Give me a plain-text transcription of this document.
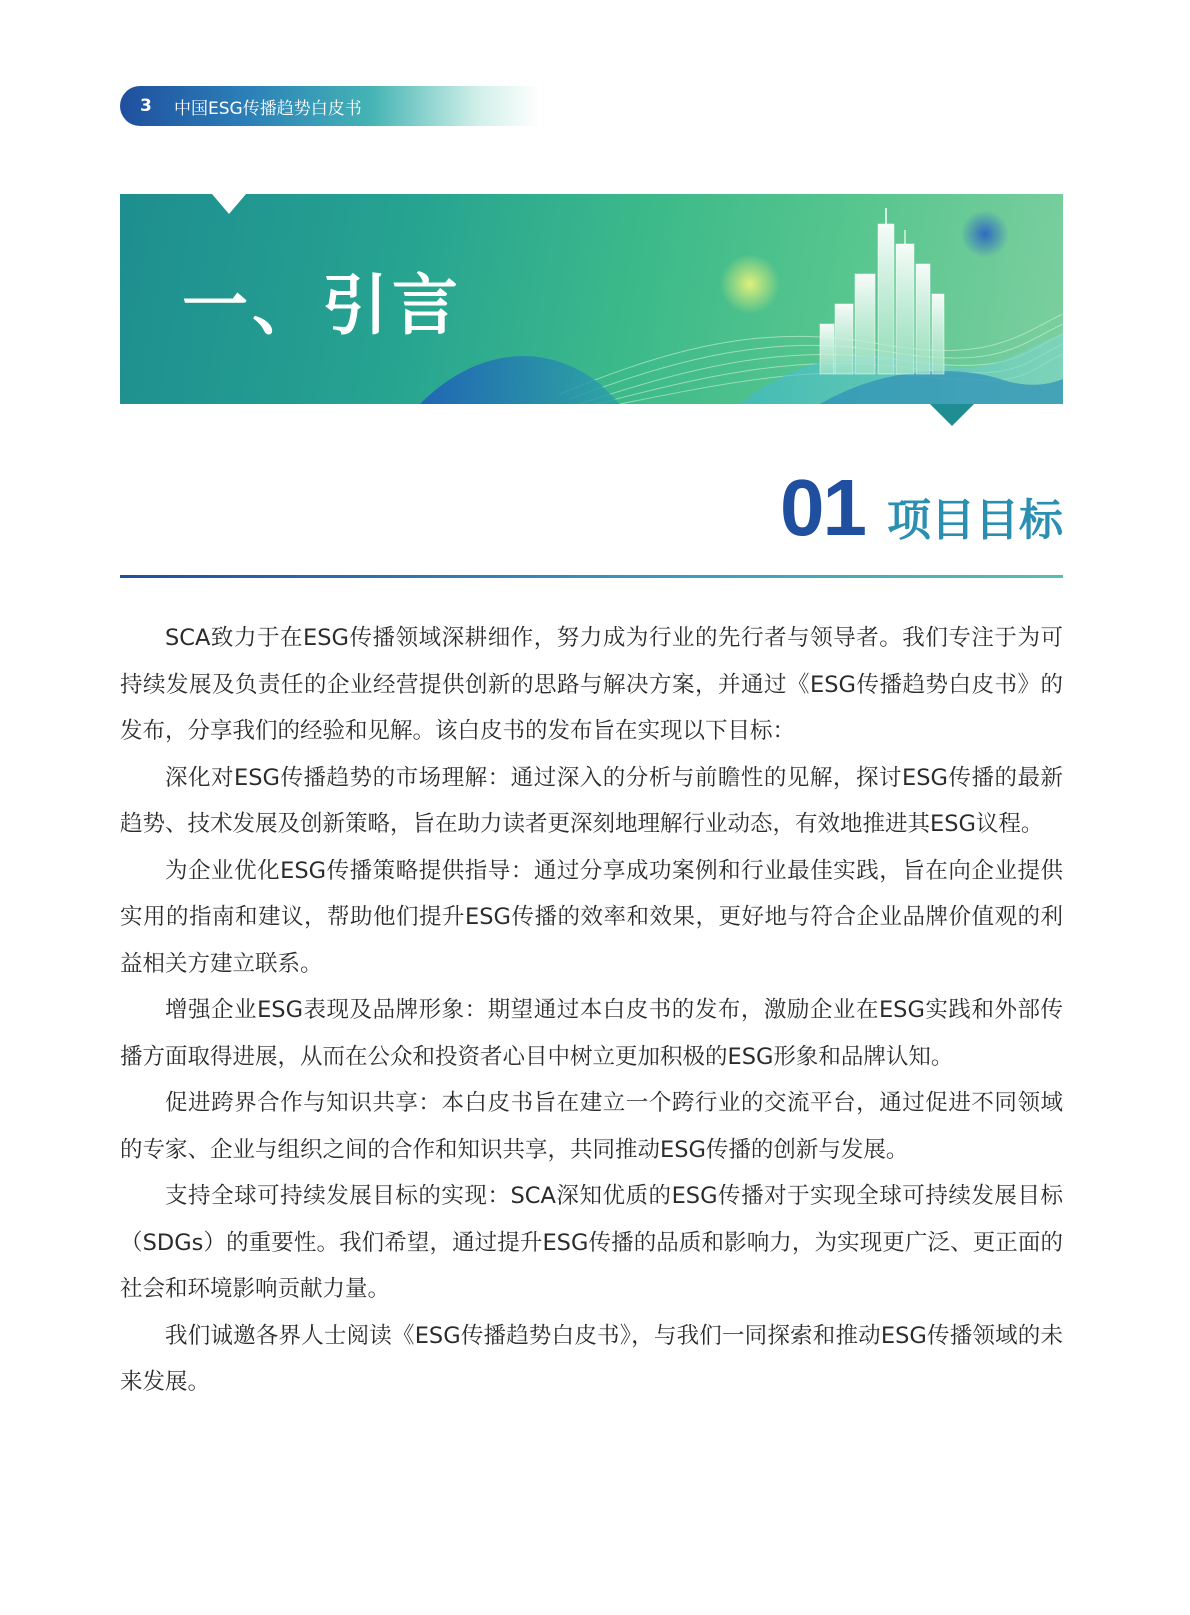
3	中国ESG传播趋势白皮书
一、引言
01 项目目标

SCA致力于在ESG传播领域深耕细作，努力成为行业的先行者与领导者。我们专注于为可持续发展及负责任的企业经营提供创新的思路与解决方案，并通过《ESG传播趋势白皮书》的发布，分享我们的经验和见解。该白皮书的发布旨在实现以下目标：

深化对ESG传播趋势的市场理解：通过深入的分析与前瞻性的见解，探讨ESG传播的最新趋势、技术发展及创新策略，旨在助力读者更深刻地理解行业动态，有效地推进其ESG议程。

为企业优化ESG传播策略提供指导：通过分享成功案例和行业最佳实践，旨在向企业提供实用的指南和建议，帮助他们提升ESG传播的效率和效果，更好地与符合企业品牌价值观的利益相关方建立联系。

增强企业ESG表现及品牌形象：期望通过本白皮书的发布，激励企业在ESG实践和外部传播方面取得进展，从而在公众和投资者心目中树立更加积极的ESG形象和品牌认知。

促进跨界合作与知识共享：本白皮书旨在建立一个跨行业的交流平台，通过促进不同领域的专家、企业与组织之间的合作和知识共享，共同推动ESG传播的创新与发展。

支持全球可持续发展目标的实现：SCA深知优质的ESG传播对于实现全球可持续发展目标（SDGs）的重要性。我们希望，通过提升ESG传播的品质和影响力，为实现更广泛、更正面的社会和环境影响贡献力量。

我们诚邀各界人士阅读《ESG传播趋势白皮书》，与我们一同探索和推动ESG传播领域的未来发展。
